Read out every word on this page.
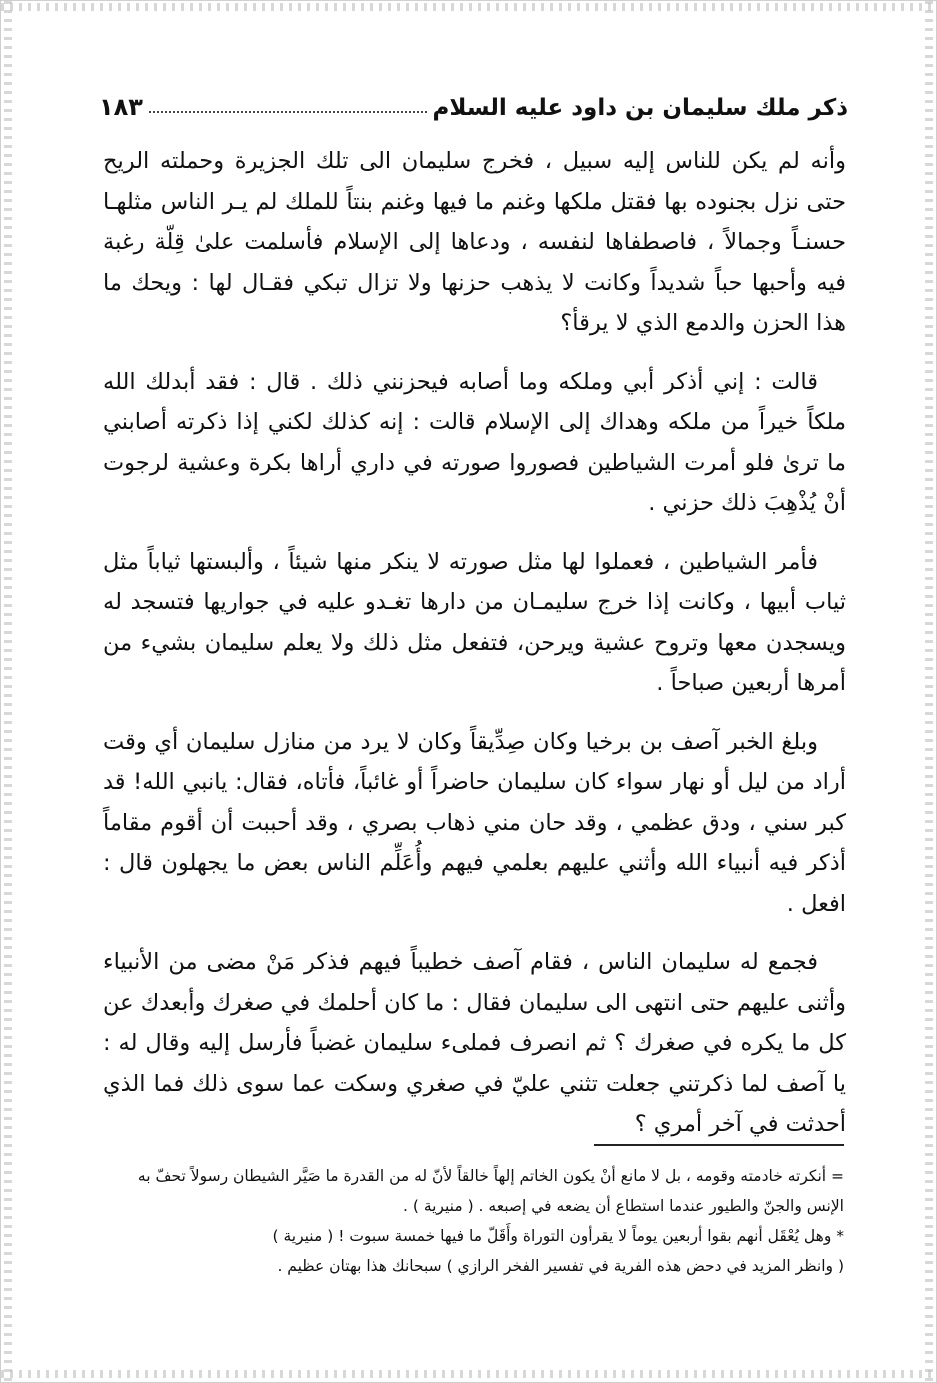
ذكر ملك سليمان بن داود عليه السلام
١٨٣

وأنه لم يكن للناس إليه سبيل ، فخرج سليمان الى تلك الجزيرة وحملته الريح حتى نزل بجنوده بها فقتل ملكها وغنم ما فيها وغنم بنتاً للملك لم يـر الناس مثلهـا حسنـاً وجمالاً ، فاصطفاها لنفسه ، ودعاها إلى الإسلام فأسلمت علىٰ قِلّة رغبة فيه وأحبها حباً شديداً وكانت لا يذهب حزنها ولا تزال تبكي فقـال لها : ويحك ما هذا الحزن والدمع الذي لا يرقأ؟

قالت : إني أذكر أبي وملكه وما أصابه فيحزنني ذلك . قال : فقد أبدلك الله ملكاً خيراً من ملكه وهداك إلى الإسلام قالت : إنه كذلك لكني إذا ذكرته أصابني ما ترىٰ فلو أمرت الشياطين فصوروا صورته في داري أراها بكرة وعشية لرجوت أنْ يُذْهِبَ ذلك حزني .

فأمر الشياطين ، فعملوا لها مثل صورته لا ينكر منها شيئاً ، وألبستها ثياباً مثل ثياب أبيها ، وكانت إذا خرج سليمـان من دارها تغـدو عليه في جواريها فتسجد له ويسجدن معها وتروح عشية ويرحن، فتفعل مثل ذلك ولا يعلم سليمان بشيء من أمرها أربعين صباحاً .

وبلغ الخبر آصف بن برخيا وكان صِدِّيقاً وكان لا يرد من منازل سليمان أي وقت أراد من ليل أو نهار سواء كان سليمان حاضراً أو غائباً، فأتاه، فقال: يانبي الله! قد كبر سني ، ودق عظمي ، وقد حان مني ذهاب بصري ، وقد أحببت أن أقوم مقاماً أذكر فيه أنبياء الله وأثني عليهم بعلمي فيهم وأُعَلِّم الناس بعض ما يجهلون قال : افعل .

فجمع له سليمان الناس ، فقام آصف خطيباً فيهم فذكر مَنْ مضى من الأنبياء وأثنى عليهم حتى انتهى الى سليمان فقال : ما كان أحلمك في صغرك وأبعدك عن كل ما يكره في صغرك ؟ ثم انصرف فملىء سليمان غضباً فأرسل إليه وقال له : يا آصف لما ذكرتني جعلت تثني عليّ في صغري وسكت عما سوى ذلك فما الذي أحدثت في آخر أمري ؟

= أنكرته خادمته وقومه ، بل لا مانع أنْ يكون الخاتم إلهاً خالقاً لأنّ له من القدرة ما صَيَّر الشيطان رسولاً تحفّ به الإنس والجنّ والطيور عندما استطاع أن يضعه في إصبعه . ( منيرية ) .

* وهل يُعْقَل أنهم بقوا أربعين يوماً لا يقرأون التوراة وأَقَلّ ما فيها خمسة سبوت ! ( منيرية )

( وانظر المزيد في دحض هذه الفرية في تفسير الفخر الرازي ) سبحانك هذا بهتان عظيم .
